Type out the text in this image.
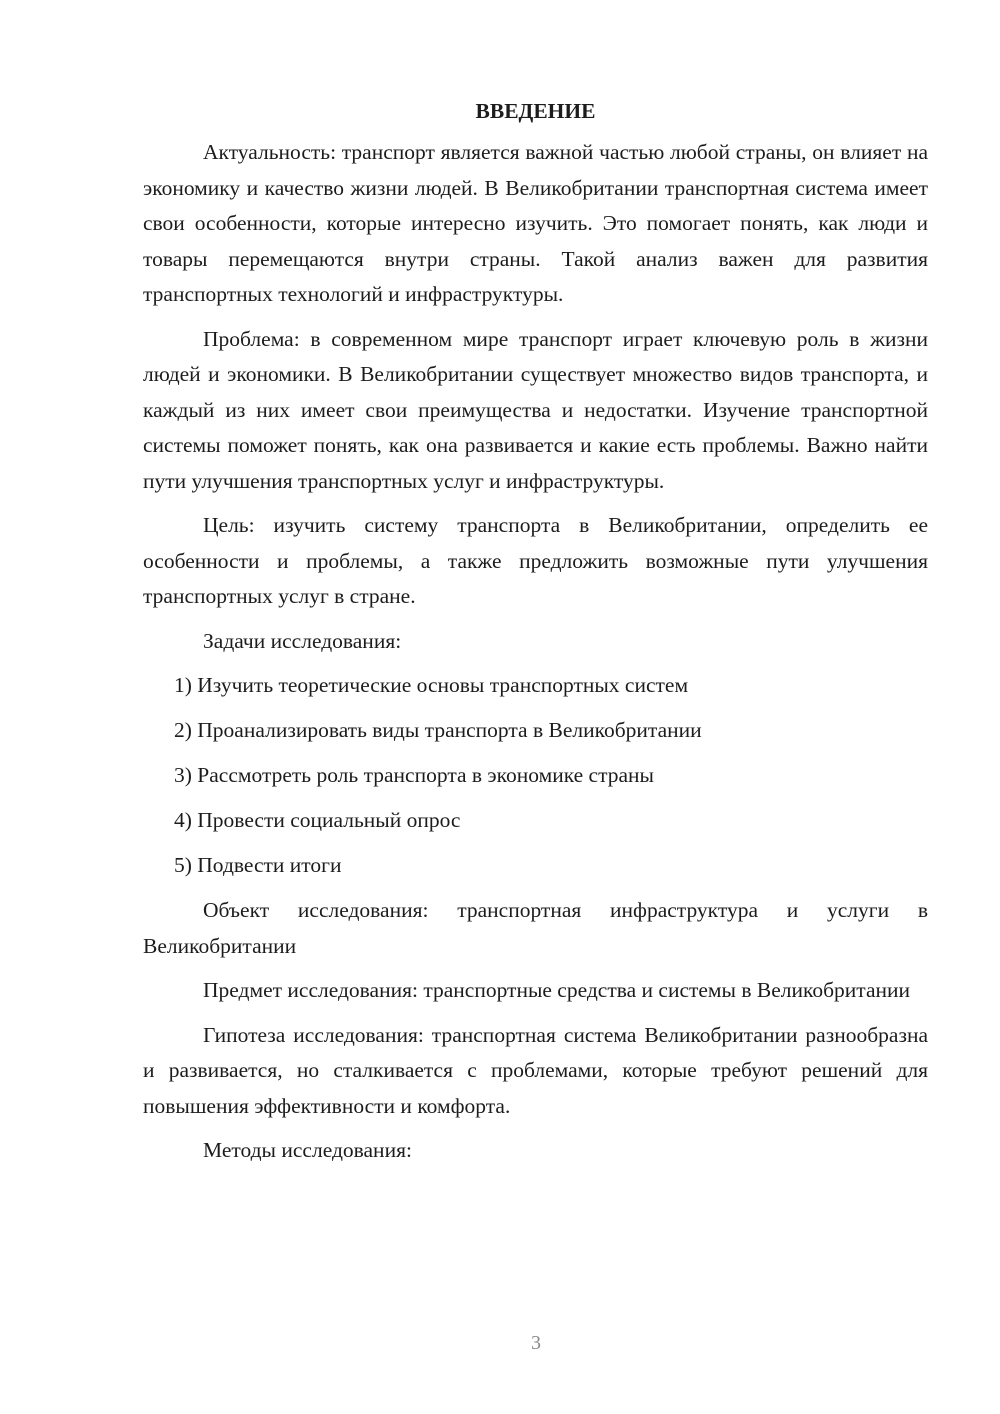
ВВЕДЕНИЕ

Актуальность: транспорт является важной частью любой страны, он влияет на экономику и качество жизни людей. В Великобритании транспортная система имеет свои особенности, которые интересно изучить. Это помогает понять, как люди и товары перемещаются внутри страны. Такой анализ важен для развития транспортных технологий и инфраструктуры.

Проблема: в современном мире транспорт играет ключевую роль в жизни людей и экономики. В Великобритании существует множество видов транспорта, и каждый из них имеет свои преимущества и недостатки. Изучение транспортной системы поможет понять, как она развивается и какие есть проблемы. Важно найти пути улучшения транспортных услуг и инфраструктуры.

Цель: изучить систему транспорта в Великобритании, определить ее особенности и проблемы, а также предложить возможные пути улучшения транспортных услуг в стране.

Задачи исследования:

1) Изучить теоретические основы транспортных систем

2) Проанализировать виды транспорта в Великобритании

3) Рассмотреть роль транспорта в экономике страны

4) Провести социальный опрос

5) Подвести итоги

Объект исследования: транспортная инфраструктура и услуги в Великобритании

Предмет исследования: транспортные средства и системы в Великобритании

Гипотеза исследования: транспортная система Великобритании разнообразна и развивается, но сталкивается с проблемами, которые требуют решений для повышения эффективности и комфорта.

Методы исследования:

3
